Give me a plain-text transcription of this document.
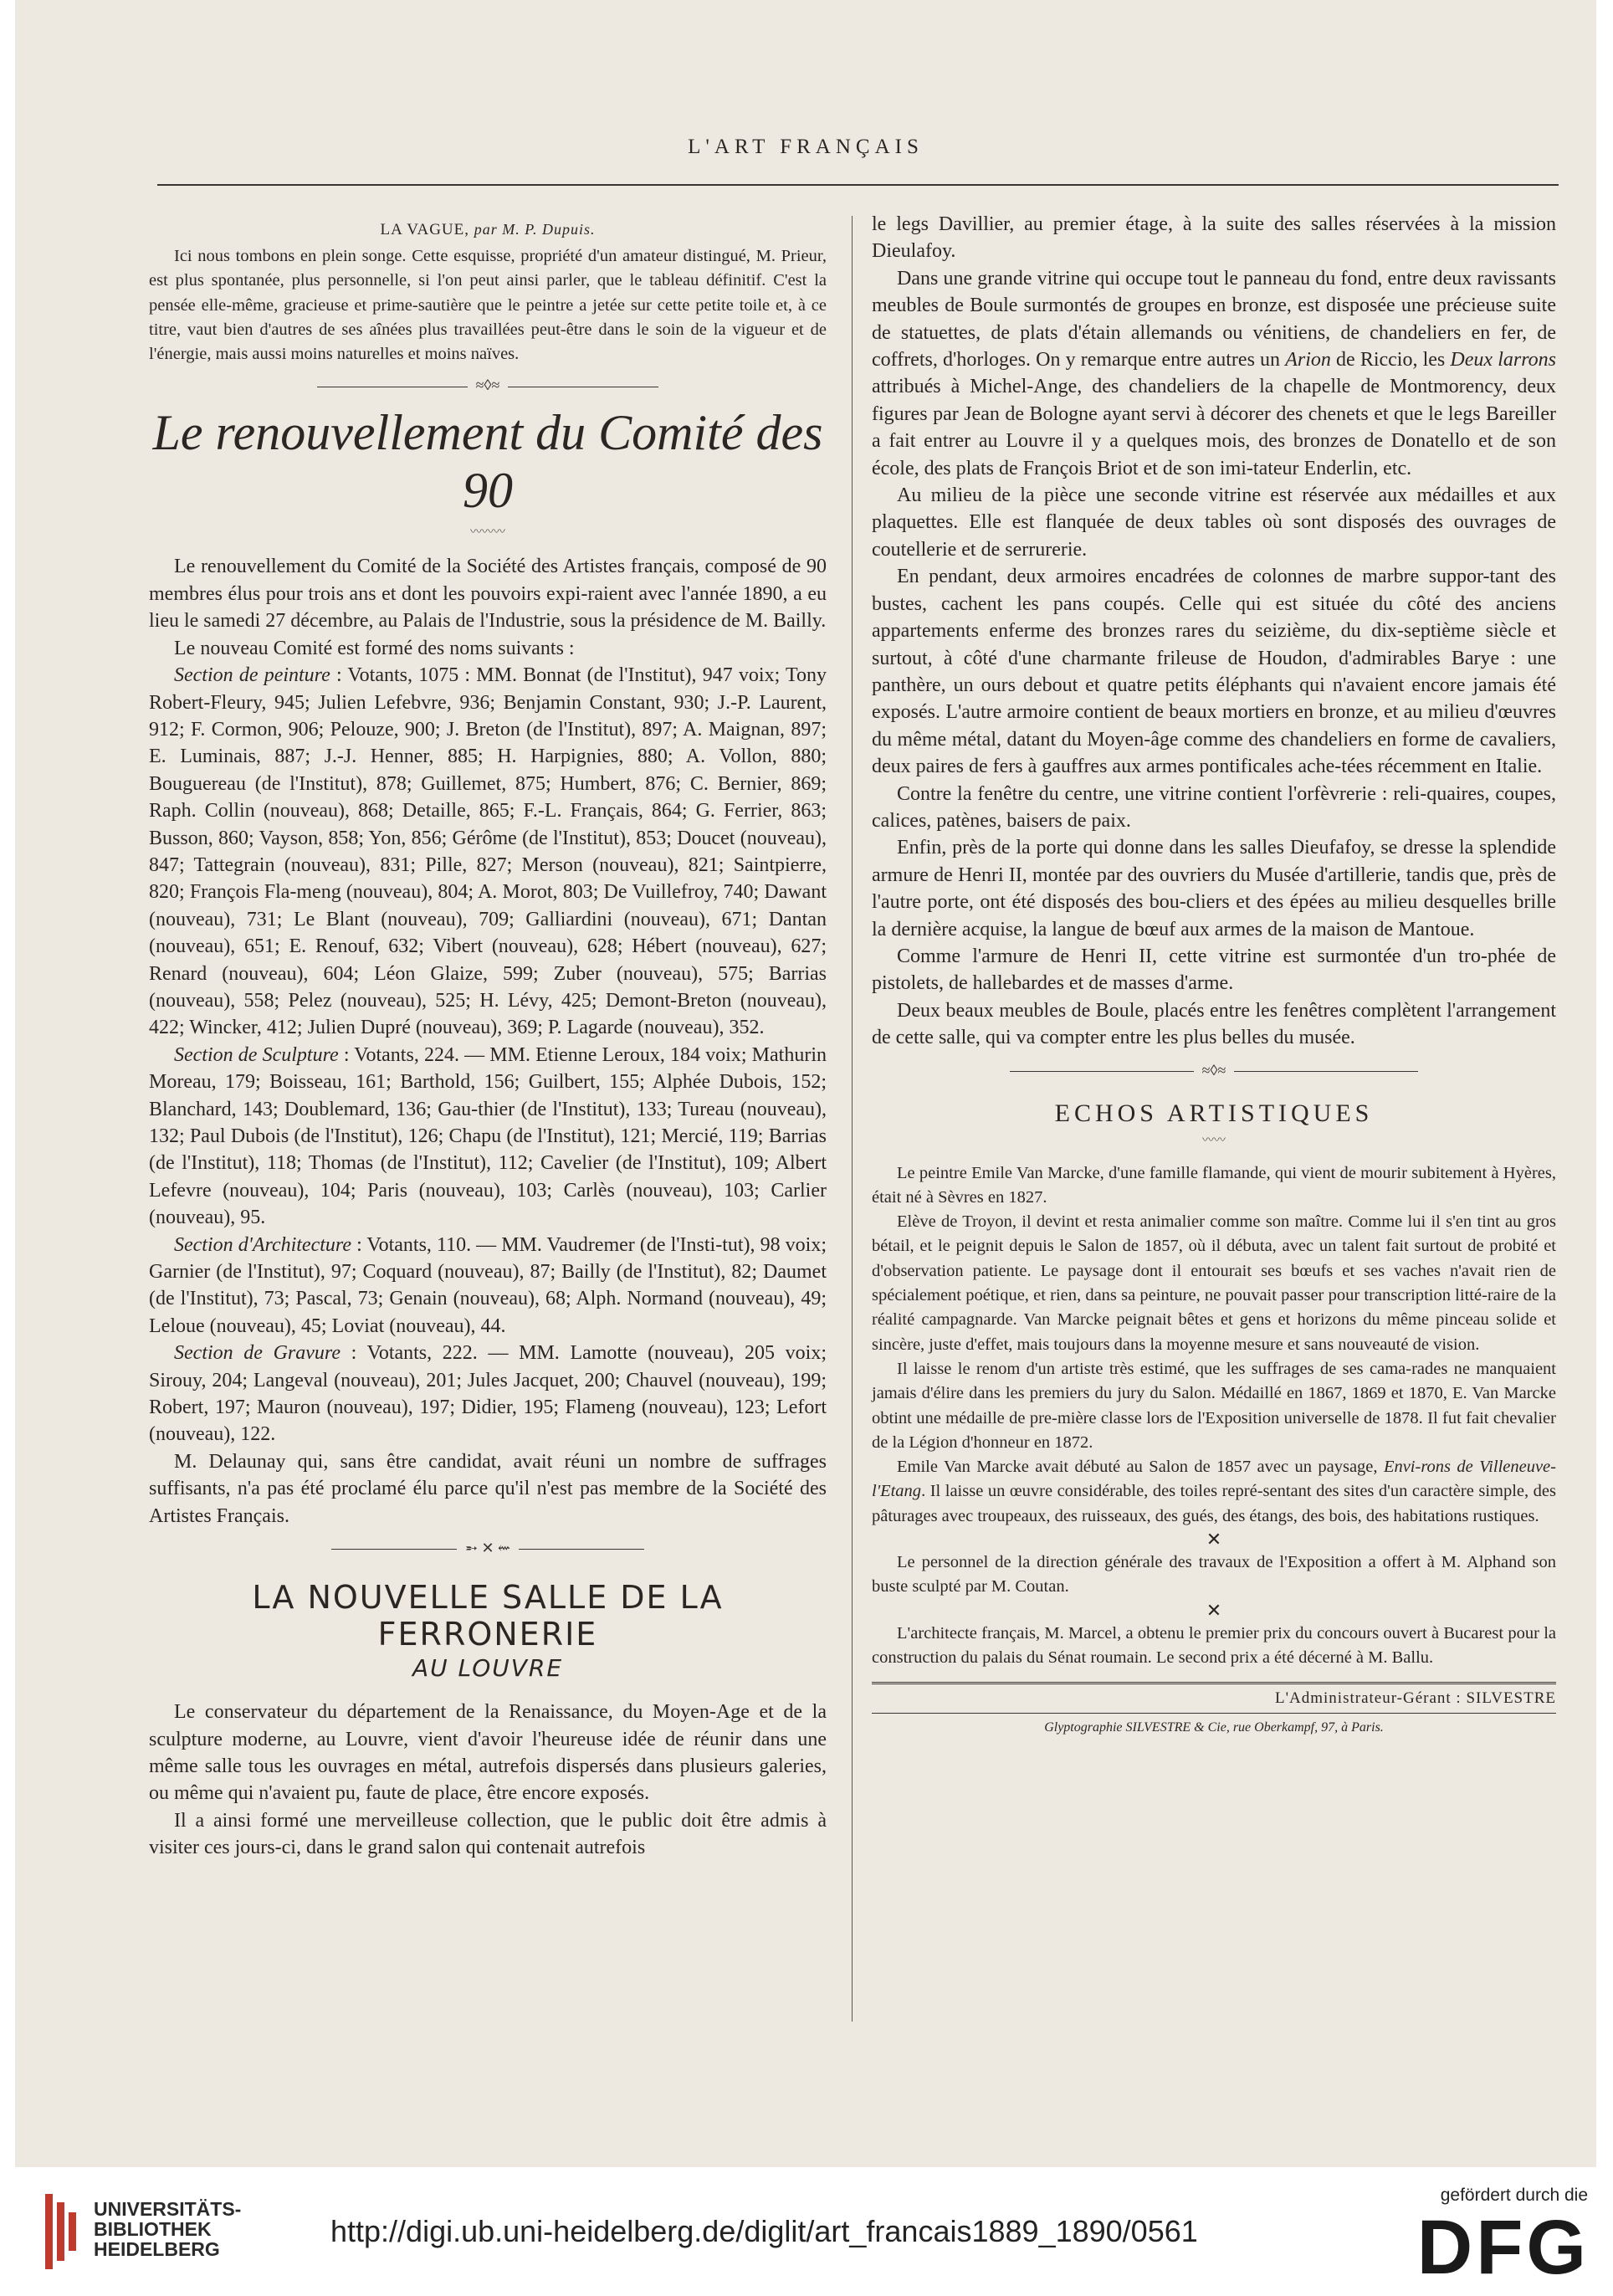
L'ART FRANÇAIS
LA VAGUE, par M. P. Dupuis.

Ici nous tombons en plein songe. Cette esquisse, propriété d'un amateur distingué, M. Prieur, est plus spontanée, plus personnelle, si l'on peut ainsi parler, que le tableau définitif. C'est la pensée elle-même, gracieuse et prime-sautière que le peintre a jetée sur cette petite toile et, à ce titre, vaut bien d'autres de ses aînées plus travaillées peut-être dans le soin de la vigueur et de l'énergie, mais aussi moins naturelles et moins naïves.

≈◊≈
Le renouvellement du Comité des 90
〰〰〰

Le renouvellement du Comité de la Société des Artistes français, composé de 90 membres élus pour trois ans et dont les pouvoirs expi-raient avec l'année 1890, a eu lieu le samedi 27 décembre, au Palais de l'Industrie, sous la présidence de M. Bailly.

Le nouveau Comité est formé des noms suivants :

Section de peinture : Votants, 1075 : MM. Bonnat (de l'Institut), 947 voix; Tony Robert-Fleury, 945; Julien Lefebvre, 936; Benjamin Constant, 930; J.-P. Laurent, 912; F. Cormon, 906; Pelouze, 900; J. Breton (de l'Institut), 897; A. Maignan, 897; E. Luminais, 887; J.-J. Henner, 885; H. Harpignies, 880; A. Vollon, 880; Bouguereau (de l'Institut), 878; Guillemet, 875; Humbert, 876; C. Bernier, 869; Raph. Collin (nouveau), 868; Detaille, 865; F.-L. Français, 864; G. Ferrier, 863; Busson, 860; Vayson, 858; Yon, 856; Gérôme (de l'Institut), 853; Doucet (nouveau), 847; Tattegrain (nouveau), 831; Pille, 827; Merson (nouveau), 821; Saintpierre, 820; François Fla-meng (nouveau), 804; A. Morot, 803; De Vuillefroy, 740; Dawant (nouveau), 731; Le Blant (nouveau), 709; Galliardini (nouveau), 671; Dantan (nouveau), 651; E. Renouf, 632; Vibert (nouveau), 628; Hébert (nouveau), 627; Renard (nouveau), 604; Léon Glaize, 599; Zuber (nouveau), 575; Barrias (nouveau), 558; Pelez (nouveau), 525; H. Lévy, 425; Demont-Breton (nouveau), 422; Wincker, 412; Julien Dupré (nouveau), 369; P. Lagarde (nouveau), 352.

Section de Sculpture : Votants, 224. — MM. Etienne Leroux, 184 voix; Mathurin Moreau, 179; Boisseau, 161; Barthold, 156; Guilbert, 155; Alphée Dubois, 152; Blanchard, 143; Doublemard, 136; Gau-thier (de l'Institut), 133; Tureau (nouveau), 132; Paul Dubois (de l'Institut), 126; Chapu (de l'Institut), 121; Mercié, 119; Barrias (de l'Institut), 118; Thomas (de l'Institut), 112; Cavelier (de l'Institut), 109; Albert Lefevre (nouveau), 104; Paris (nouveau), 103; Carlès (nouveau), 103; Carlier (nouveau), 95.

Section d'Architecture : Votants, 110. — MM. Vaudremer (de l'Insti-tut), 98 voix; Garnier (de l'Institut), 97; Coquard (nouveau), 87; Bailly (de l'Institut), 82; Daumet (de l'Institut), 73; Pascal, 73; Genain (nouveau), 68; Alph. Normand (nouveau), 49; Leloue (nouveau), 45; Loviat (nouveau), 44.

Section de Gravure : Votants, 222. — MM. Lamotte (nouveau), 205 voix; Sirouy, 204; Langeval (nouveau), 201; Jules Jacquet, 200; Chauvel (nouveau), 199; Robert, 197; Mauron (nouveau), 197; Didier, 195; Flameng (nouveau), 123; Lefort (nouveau), 122.

M. Delaunay qui, sans être candidat, avait réuni un nombre de suffrages suffisants, n'a pas été proclamé élu parce qu'il n'est pas membre de la Société des Artistes Français.

➵ ✕ ⇜
LA NOUVELLE SALLE DE LA FERRONERIE
AU LOUVRE

Le conservateur du département de la Renaissance, du Moyen-Age et de la sculpture moderne, au Louvre, vient d'avoir l'heureuse idée de réunir dans une même salle tous les ouvrages en métal, autrefois dispersés dans plusieurs galeries, ou même qui n'avaient pu, faute de place, être encore exposés.

Il a ainsi formé une merveilleuse collection, que le public doit être admis à visiter ces jours-ci, dans le grand salon qui contenait autrefois

le legs Davillier, au premier étage, à la suite des salles réservées à la mission Dieulafoy.

Dans une grande vitrine qui occupe tout le panneau du fond, entre deux ravissants meubles de Boule surmontés de groupes en bronze, est disposée une précieuse suite de statuettes, de plats d'étain allemands ou vénitiens, de chandeliers en fer, de coffrets, d'horloges. On y remarque entre autres un Arion de Riccio, les Deux larrons attribués à Michel-Ange, des chandeliers de la chapelle de Montmorency, deux figures par Jean de Bologne ayant servi à décorer des chenets et que le legs Bareiller a fait entrer au Louvre il y a quelques mois, des bronzes de Donatello et de son école, des plats de François Briot et de son imi-tateur Enderlin, etc.

Au milieu de la pièce une seconde vitrine est réservée aux médailles et aux plaquettes. Elle est flanquée de deux tables où sont disposés des ouvrages de coutellerie et de serrurerie.

En pendant, deux armoires encadrées de colonnes de marbre suppor-tant des bustes, cachent les pans coupés. Celle qui est située du côté des anciens appartements enferme des bronzes rares du seizième, du dix-septième siècle et surtout, à côté d'une charmante frileuse de Houdon, d'admirables Barye : une panthère, un ours debout et quatre petits éléphants qui n'avaient encore jamais été exposés. L'autre armoire contient de beaux mortiers en bronze, et au milieu d'œuvres du même métal, datant du Moyen-âge comme des chandeliers en forme de cavaliers, deux paires de fers à gauffres aux armes pontificales ache-tées récemment en Italie.

Contre la fenêtre du centre, une vitrine contient l'orfèvrerie : reli-quaires, coupes, calices, patènes, baisers de paix.

Enfin, près de la porte qui donne dans les salles Dieufafoy, se dresse la splendide armure de Henri II, montée par des ouvriers du Musée d'artillerie, tandis que, près de l'autre porte, ont été disposés des bou-cliers et des épées au milieu desquelles brille la dernière acquise, la langue de bœuf aux armes de la maison de Mantoue.

Comme l'armure de Henri II, cette vitrine est surmontée d'un tro-phée de pistolets, de hallebardes et de masses d'arme.

Deux beaux meubles de Boule, placés entre les fenêtres complètent l'arrangement de cette salle, qui va compter entre les plus belles du musée.

≈◊≈
ECHOS ARTISTIQUES
〰〰

Le peintre Emile Van Marcke, d'une famille flamande, qui vient de mourir subitement à Hyères, était né à Sèvres en 1827.

Elève de Troyon, il devint et resta animalier comme son maître. Comme lui il s'en tint au gros bétail, et le peignit depuis le Salon de 1857, où il débuta, avec un talent fait surtout de probité et d'observation patiente. Le paysage dont il entourait ses bœufs et ses vaches n'avait rien de spécialement poétique, et rien, dans sa peinture, ne pouvait passer pour transcription litté-raire de la réalité campagnarde. Van Marcke peignait bêtes et gens et horizons du même pinceau solide et sincère, juste d'effet, mais toujours dans la moyenne mesure et sans nouveauté de vision.

Il laisse le renom d'un artiste très estimé, que les suffrages de ses cama-rades ne manquaient jamais d'élire dans les premiers du jury du Salon. Médaillé en 1867, 1869 et 1870, E. Van Marcke obtint une médaille de pre-mière classe lors de l'Exposition universelle de 1878. Il fut fait chevalier de la Légion d'honneur en 1872.

Emile Van Marcke avait débuté au Salon de 1857 avec un paysage, Envi-rons de Villeneuve-l'Etang. Il laisse un œuvre considérable, des toiles repré-sentant des sites d'un caractère simple, des pâturages avec troupeaux, des ruisseaux, des gués, des étangs, des bois, des habitations rustiques.

✕

Le personnel de la direction générale des travaux de l'Exposition a offert à M. Alphand son buste sculpté par M. Coutan.

✕

L'architecte français, M. Marcel, a obtenu le premier prix du concours ouvert à Bucarest pour la construction du palais du Sénat roumain. Le second prix a été décerné à M. Ballu.

L'Administrateur-Gérant : SILVESTRE
Glyptographie SILVESTRE & Cie, rue Oberkampf, 97, à Paris.
UNIVERSITÄTS-
BIBLIOTHEK
HEIDELBERG
http://digi.ub.uni-heidelberg.de/diglit/art_francais1889_1890/0561
gefördert durch die
DFG
